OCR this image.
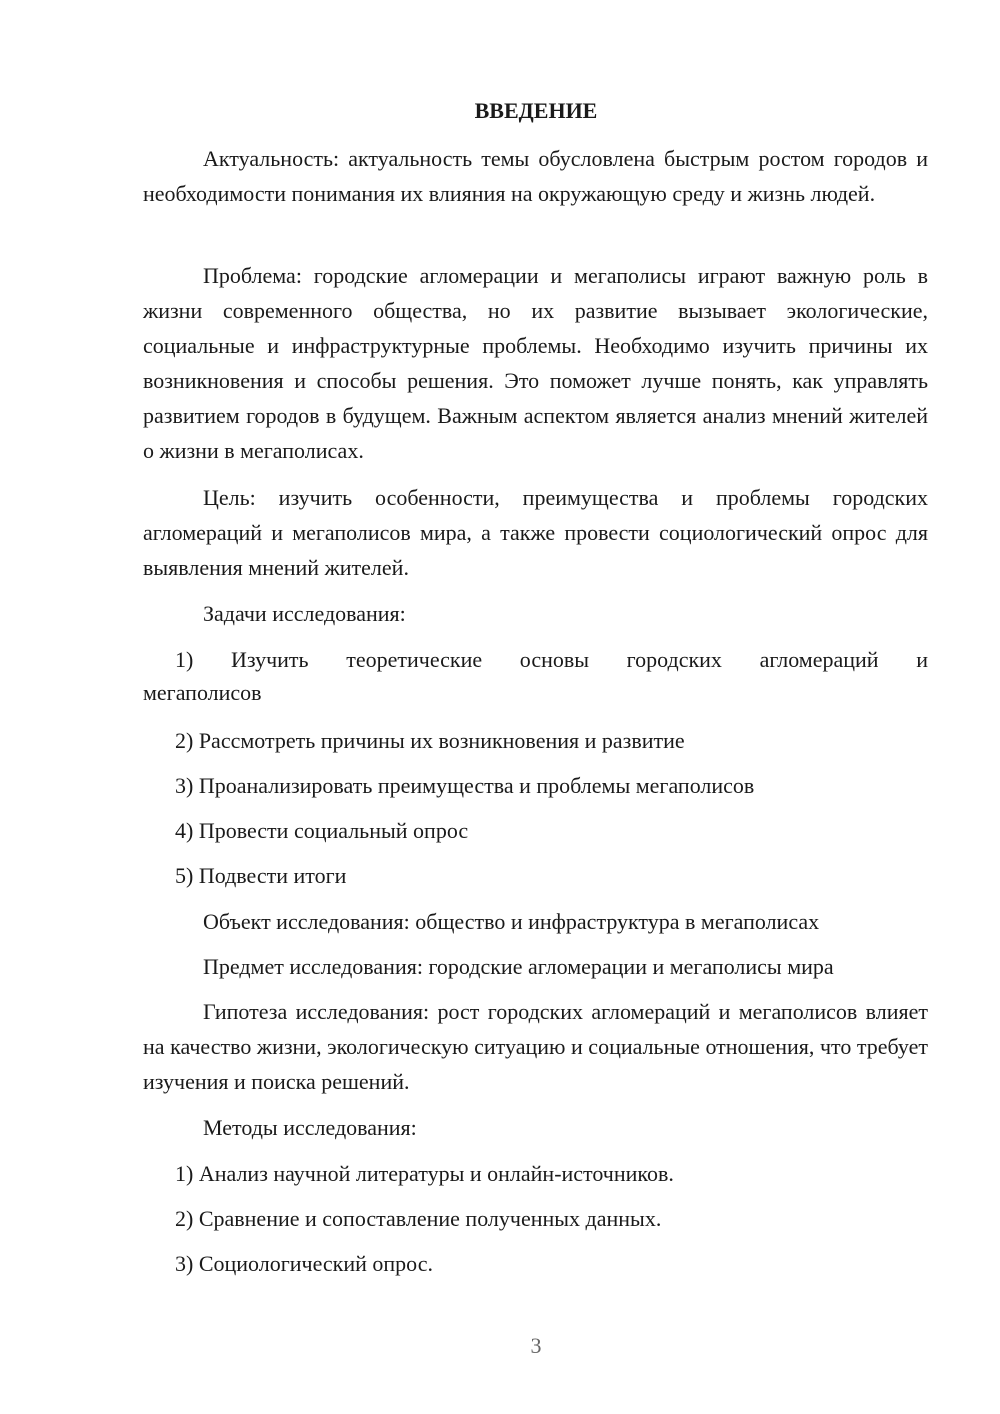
ВВЕДЕНИЕ

Актуальность: актуальность темы обусловлена быстрым ростом городов и необходимости понимания их влияния на окружающую среду и жизнь людей.

Проблема: городские агломерации и мегаполисы играют важную роль в жизни современного общества, но их развитие вызывает экологические, социальные и инфраструктурные проблемы. Необходимо изучить причины их возникновения и способы решения. Это поможет лучше понять, как управлять развитием городов в будущем. Важным аспектом является анализ мнений жителей о жизни в мегаполисах.

Цель: изучить особенности, преимущества и проблемы городских агломераций и мегаполисов мира, а также провести социологический опрос для выявления мнений жителей.

Задачи исследования:

1) Изучить теоретические основы городских агломераций и
мегаполисов
2) Рассмотреть причины их возникновения и развитие
3) Проанализировать преимущества и проблемы мегаполисов
4) Провести социальный опрос
5) Подвести итоги

Объект исследования: общество и инфраструктура в мегаполисах

Предмет исследования: городские агломерации и мегаполисы мира

Гипотеза исследования: рост городских агломераций и мегаполисов влияет на качество жизни, экологическую ситуацию и социальные отношения, что требует изучения и поиска решений.

Методы исследования:

1) Анализ научной литературы и онлайн-источников.
2) Сравнение и сопоставление полученных данных.
3) Социологический опрос.
3
